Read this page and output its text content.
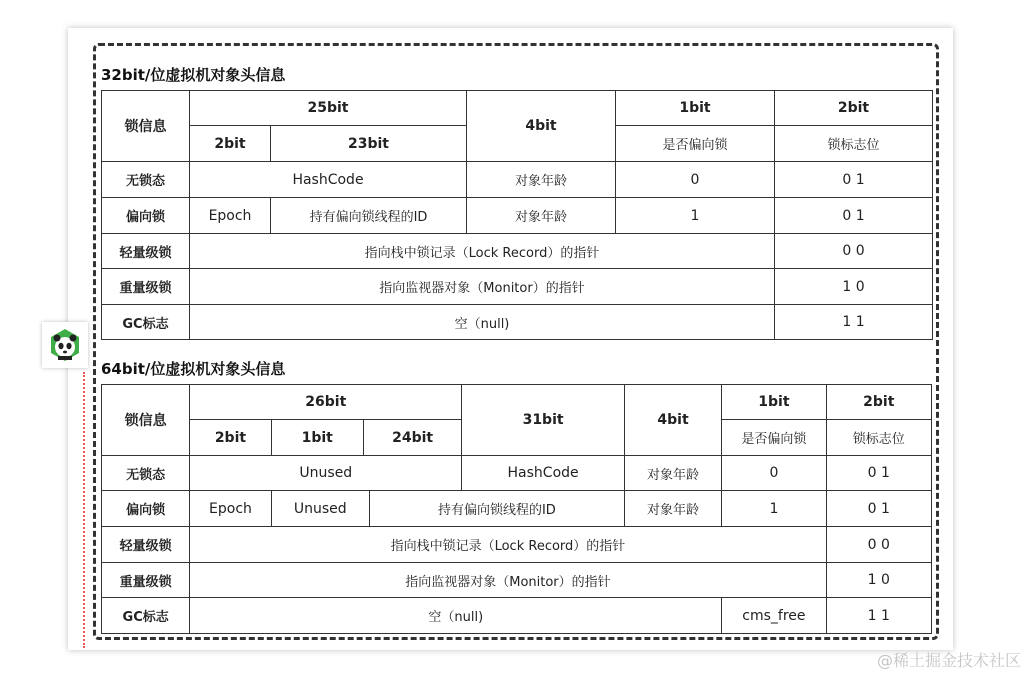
32bit/位虚拟机对象头信息
锁信息	25bit		4bit	1bit	2bit
	2bit	23bit		是否偏向锁	锁标志位
无锁态	HashCode		对象年龄	0	0 1
偏向锁	Epoch	持有偏向锁线程的ID	对象年龄	1	0 1
轻量级锁	指向栈中锁记录（Lock Record）的指针				0 0
重量级锁	指向监视器对象（Monitor）的指针				1 0
GC标志	空（null)				1 1
64bit/位虚拟机对象头信息
锁信息	26bit				31bit	4bit	1bit	2bit
	2bit	1bit	24bit				是否偏向锁	锁标志位
无锁态	Unused				HashCode	对象年龄	0	0 1
偏向锁	Epoch	Unused		持有偏向锁线程的ID		对象年龄	1	0 1
轻量级锁	指向栈中锁记录（Lock Record）的指针							0 0
重量级锁	指向监视器对象（Monitor）的指针							1 0
GC标志	空（null)						cms_free	1 1
@稀土掘金技术社区
